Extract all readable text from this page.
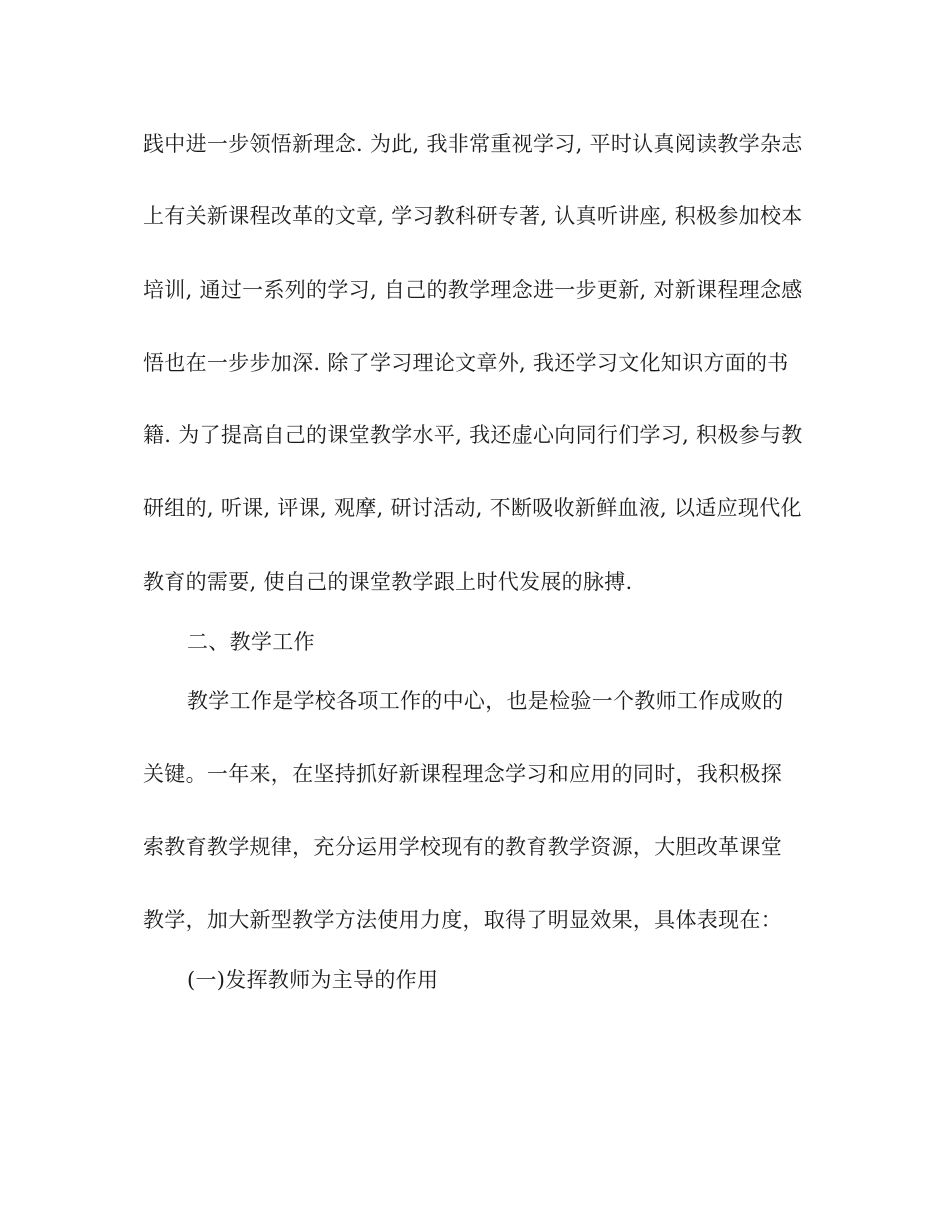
践中进一步领悟新理念. 为此, 我非常重视学习, 平时认真阅读教学杂志
上有关新课程改革的文章, 学习教科研专著, 认真听讲座, 积极参加校本
培训, 通过一系列的学习, 自己的教学理念进一步更新, 对新课程理念感
悟也在一步步加深. 除了学习理论文章外, 我还学习文化知识方面的书
籍. 为了提高自己的课堂教学水平, 我还虚心向同行们学习, 积极参与教
研组的, 听课, 评课, 观摩, 研讨活动, 不断吸收新鲜血液, 以适应现代化
教育的需要, 使自己的课堂教学跟上时代发展的脉搏.
二、教学工作
教学工作是学校各项工作的中心，也是检验一个教师工作成败的
关键。一年来，在坚持抓好新课程理念学习和应用的同时，我积极探
索教育教学规律，充分运用学校现有的教育教学资源，大胆改革课堂
教学，加大新型教学方法使用力度，取得了明显效果，具体表现在：
(一)发挥教师为主导的作用
